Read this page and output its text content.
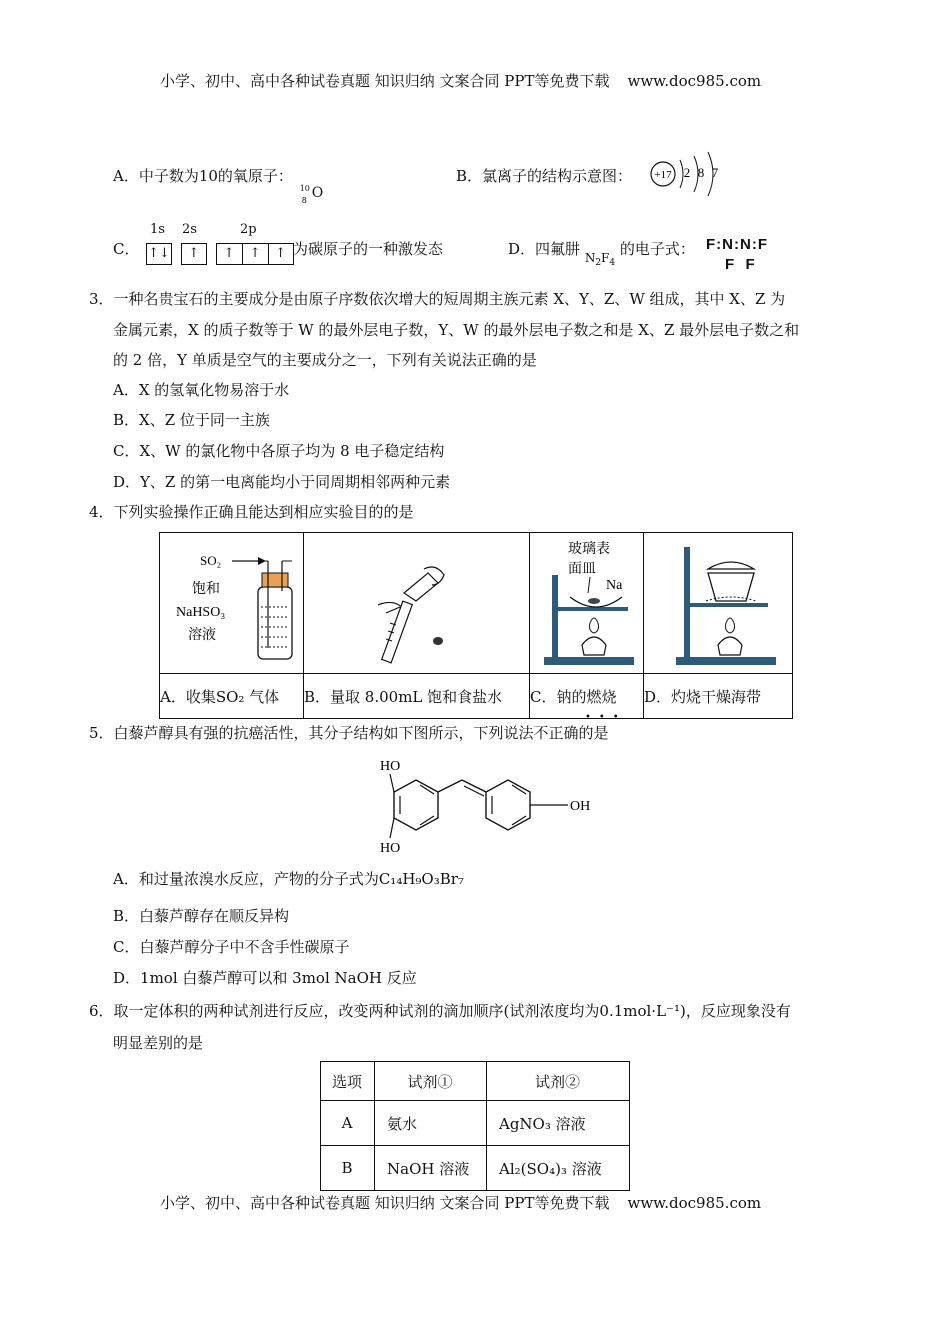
小学、初中、高中各种试卷真题 知识归纳 文案合同 PPT等免费下载 www.doc985.com
A．中子数为10的氧原子：
10
8 O
B．氯离子的结构示意图： +17 2 8 7
C．
1s 2s	2p
↑↓ ↑	↑	↑	↑ 为碳原子的一种激发态	D．四氟肼 $N_2F_4$ 的电子式： F:N:N:F
F  F
3．一种名贵宝石的主要成分是由原子序数依次增大的短周期主族元素 X、Y、Z、W 组成，其中 X、Z 为
金属元素，X 的质子数等于 W 的最外层电子数，Y、W 的最外层电子数之和是 X、Z 最外层电子数之和
的 2 倍，Y 单质是空气的主要成分之一，下列有关说法正确的是
A．X 的氢氧化物易溶于水
B．X、Z 位于同一主族
C．X、W 的氯化物中各原子均为 8 电子稳定结构
D．Y、Z 的第一电离能均小于同周期相邻两种元素
4．下列实验操作正确且能达到相应实验目的的是
SO₂
饱和
NaHSO₃
溶液		玻璃表
面皿
Na

A．收集SO₂ 气体	B．量取 8.00mL 饱和食盐水	C．钠的燃烧	D．灼烧干燥海带
5．白藜芦醇具有强的抗癌活性，其分子结构如下图所示，下列说法不正确的是
•••
HO
OH
HO
A．和过量浓溴水反应，产物的分子式为C₁₄H₉O₃Br₇
B．白藜芦醇存在顺反异构
C．白藜芦醇分子中不含手性碳原子
D．1mol 白藜芦醇可以和 3mol NaOH 反应
6．取一定体积的两种试剂进行反应，改变两种试剂的滴加顺序(试剂浓度均为0.1mol·L⁻¹)，反应现象没有
明显差别的是
选项	试剂①	试剂②
A	氨水	AgNO₃ 溶液
B	NaOH 溶液	Al₂(SO₄)₃ 溶液
小学、初中、高中各种试卷真题 知识归纳 文案合同 PPT等免费下载 www.doc985.com
